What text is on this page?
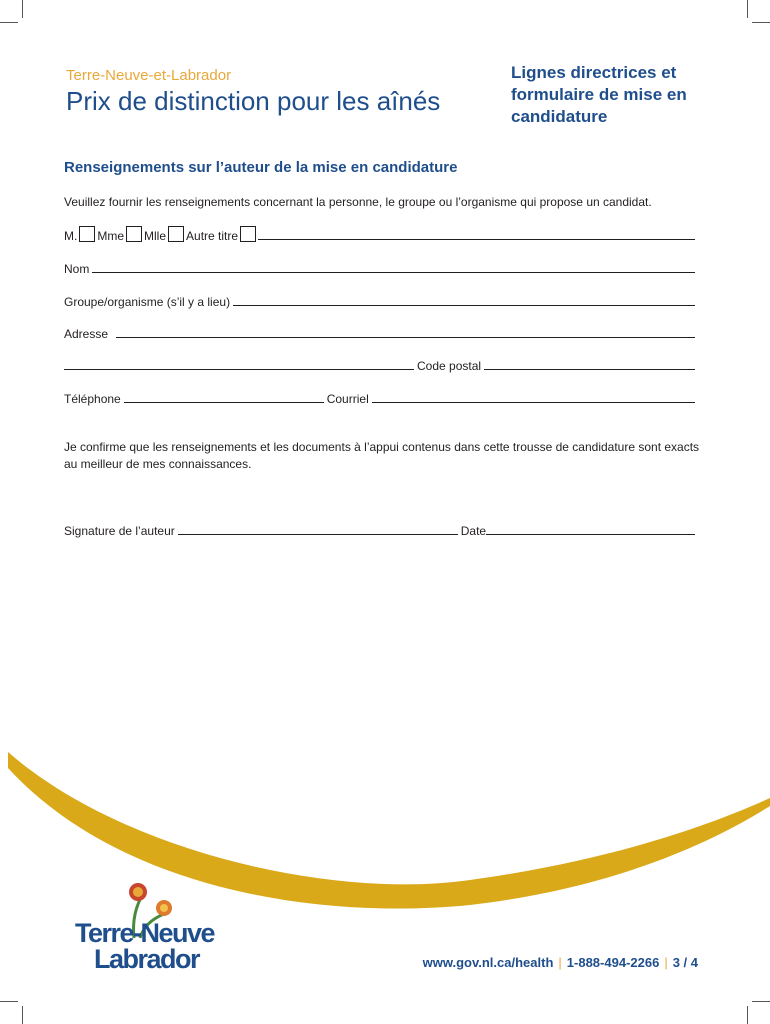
Terre-Neuve-et-Labrador
Prix de distinction pour les aînés
Lignes directrices et formulaire de mise en candidature
Renseignements sur l’auteur de la mise en candidature
Veuillez fournir les renseignements concernant la personne, le groupe ou l’organisme qui propose un candidat.
M. Mme Mlle Autre titre
Nom
Groupe/organisme (s’il y a lieu)
Adresse
Code postal
Téléphone	Courriel
Je confirme que les renseignements et les documents à l’appui contenus dans cette trousse de candidature sont exacts au meilleur de mes connaissances.
Signature de l’auteur	Date
Terre-Neuve
Labrador	www.gov.nl.ca/health | 1-888-494-2266 | 3 / 4
